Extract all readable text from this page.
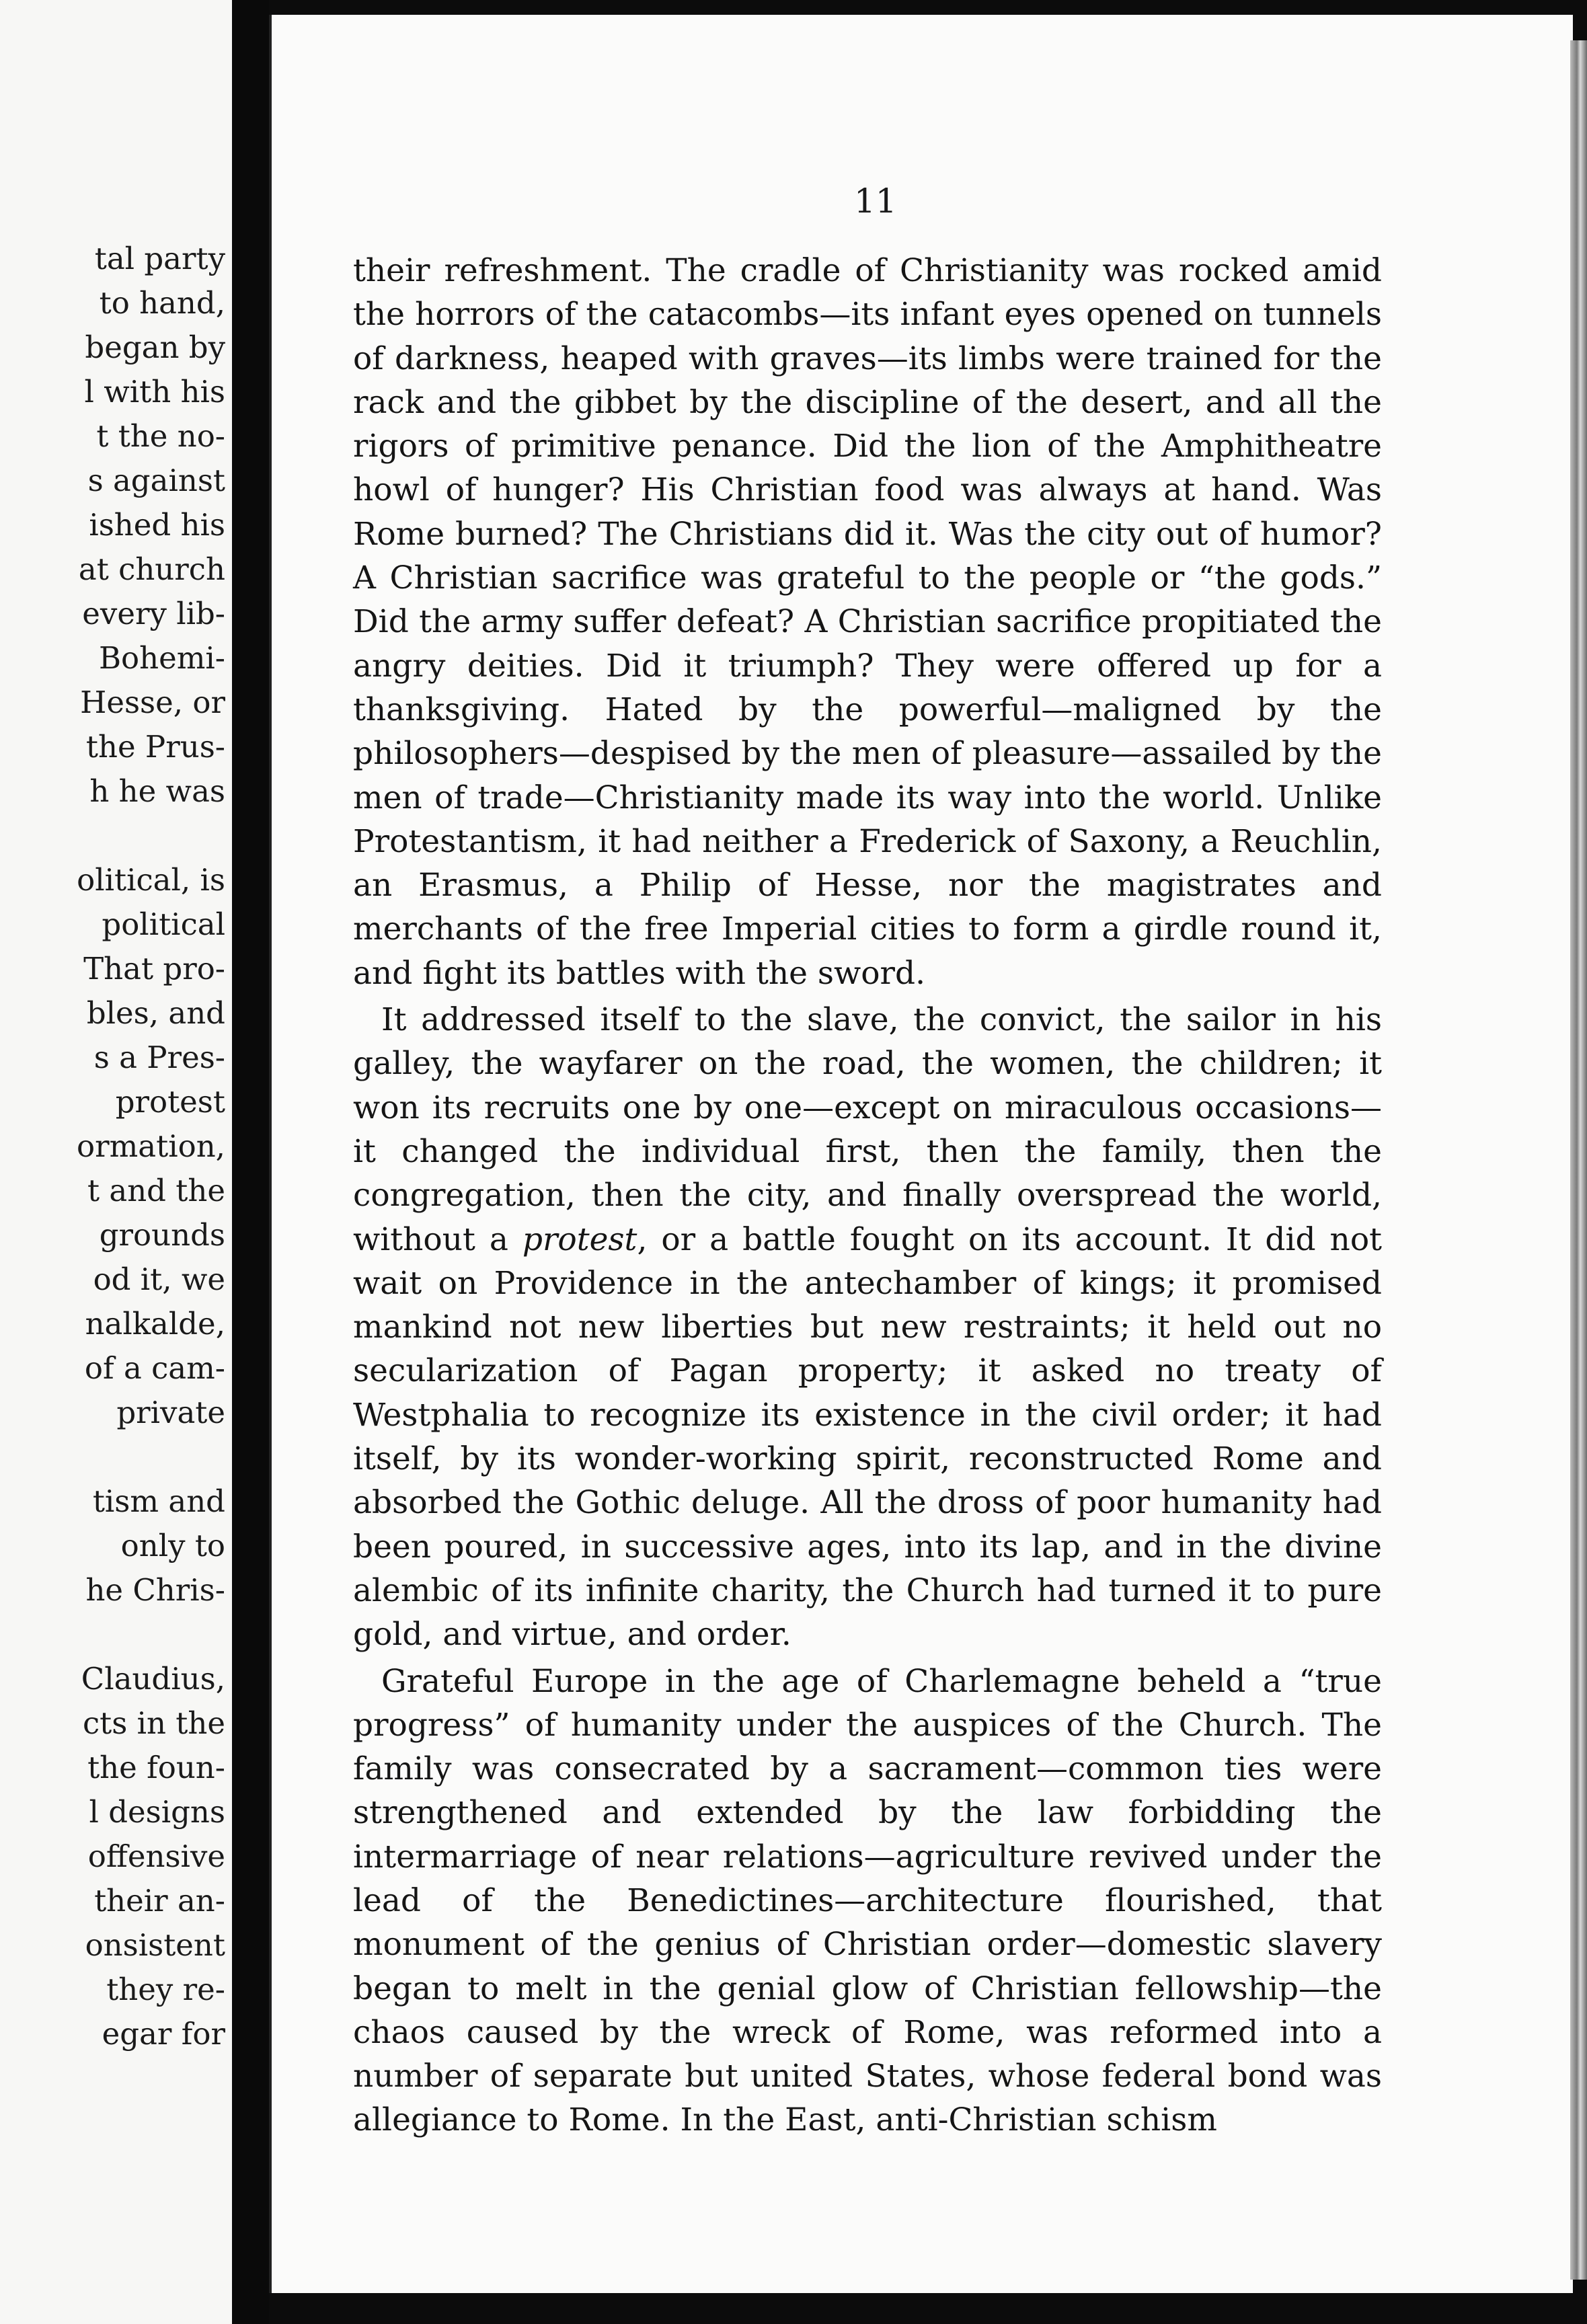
tal party
to hand,
began by
l with his
t the no-
s against
ished his
at church
every lib-
Bohemi-
Hesse, or
the Prus-
h he was
olitical, is
political
That pro-
bles, and
s a Pres-
protest
ormation,
t and the
grounds
od it, we
nalkalde,
of a cam-
private
tism and
only to
he Chris-
Claudius,
cts in the
the foun-
l designs
offensive
their an-
onsistent
they re-
egar for
11

their refreshment. The cradle of Christianity was rocked amid the horrors of the catacombs—its infant eyes opened on tunnels of darkness, heaped with graves—its limbs were trained for the rack and the gibbet by the discipline of the desert, and all the rigors of primitive penance. Did the lion of the Amphitheatre howl of hunger? His Christian food was always at hand. Was Rome burned? The Christians did it. Was the city out of humor? A Christian sacrifice was grateful to the people or “the gods.” Did the army suffer defeat? A Christian sacrifice propitiated the angry deities. Did it triumph? They were offered up for a thanksgiving. Hated by the powerful—maligned by the philosophers—despised by the men of pleasure—assailed by the men of trade—Christianity made its way into the world. Unlike Protestantism, it had neither a Frederick of Saxony, a Reuchlin, an Erasmus, a Philip of Hesse, nor the magistrates and merchants of the free Imperial cities to form a girdle round it, and fight its battles with the sword.

It addressed itself to the slave, the convict, the sailor in his galley, the wayfarer on the road, the women, the children; it won its recruits one by one—except on miraculous occasions—it changed the individual first, then the family, then the congregation, then the city, and finally overspread the world, without a protest, or a battle fought on its account. It did not wait on Providence in the antechamber of kings; it promised mankind not new liberties but new restraints; it held out no secularization of Pagan property; it asked no treaty of Westphalia to recognize its existence in the civil order; it had itself, by its wonder-working spirit, reconstructed Rome and absorbed the Gothic deluge. All the dross of poor humanity had been poured, in successive ages, into its lap, and in the divine alembic of its infinite charity, the Church had turned it to pure gold, and virtue, and order.

Grateful Europe in the age of Charlemagne beheld a “true progress” of humanity under the auspices of the Church. The family was consecrated by a sacrament—common ties were strengthened and extended by the law forbidding the intermarriage of near relations—agriculture revived under the lead of the Benedictines—architecture flourished, that monument of the genius of Christian order—domestic slavery began to melt in the genial glow of Christian fellowship—the chaos caused by the wreck of Rome, was reformed into a number of separate but united States, whose federal bond was allegiance to Rome. In the East, anti-Christian schism
